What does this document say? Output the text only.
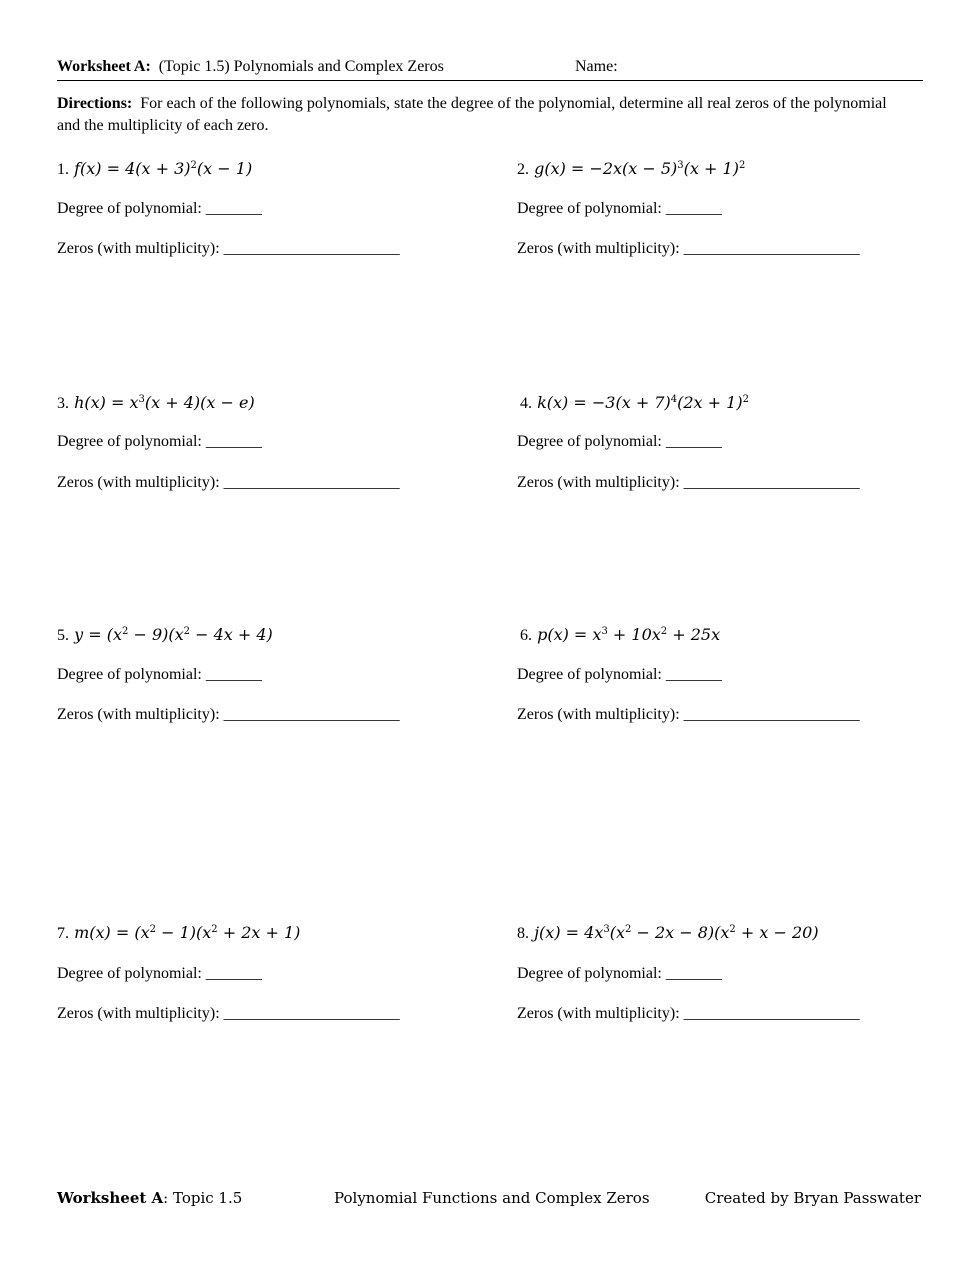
Worksheet A: (Topic 1.5) Polynomials and Complex Zeros	Name:
Directions: For each of the following polynomials, state the degree of the polynomial, determine all real zeros of the polynomial and the multiplicity of each zero.
1. $f(x) = 4(x + 3)^2(x - 1)$
Degree of polynomial: _______
Zeros (with multiplicity): ______________________
2. $g(x) = -2x(x - 5)^3(x + 1)^2$
Degree of polynomial: _______
Zeros (with multiplicity): ______________________
3. $h(x) = x^3(x + 4)(x - e)$
Degree of polynomial: _______
Zeros (with multiplicity): ______________________
4. $k(x) = -3(x + 7)^4(2x + 1)^2$
Degree of polynomial: _______
Zeros (with multiplicity): ______________________
5. $y = (x^2 - 9)(x^2 - 4x + 4)$
Degree of polynomial: _______
Zeros (with multiplicity): ______________________
6. $p(x) = x^3 + 10x^2 + 25x$
Degree of polynomial: _______
Zeros (with multiplicity): ______________________
7. $m(x) = (x^2 - 1)(x^2 + 2x + 1)$
Degree of polynomial: _______
Zeros (with multiplicity): ______________________
8. $j(x) = 4x^3(x^2 - 2x - 8)(x^2 + x - 20)$
Degree of polynomial: _______
Zeros (with multiplicity): ______________________
Worksheet A: Topic 1.5	Polynomial Functions and Complex Zeros	Created by Bryan Passwater
